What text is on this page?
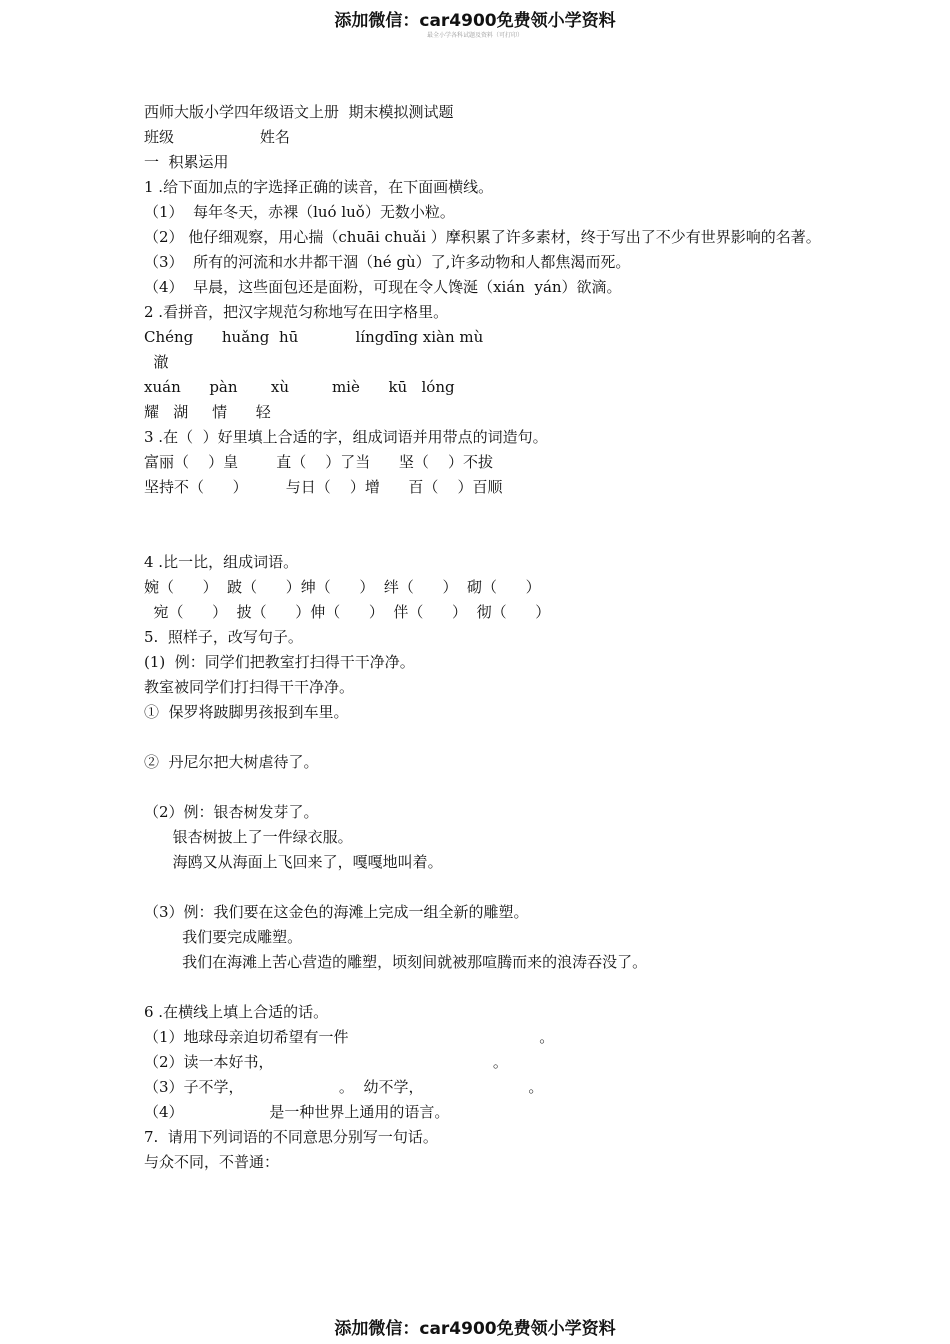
添加微信：car4900免费领小学资料
最全小学各科试题及资料（可打印）
西师大版小学四年级语文上册  期末模拟测试题
班级                  姓名
一  积累运用
1 .给下面加点的字选择正确的读音，在下面画横线。
（1）  每年冬天，赤裸（luó luǒ）无数小粒。
（2） 他仔细观察，用心揣（chuāi chuǎi ）摩积累了许多素材，终于写出了不少有世界影响的名著。
（3）  所有的河流和水井都干涸（hé gù）了,许多动物和人都焦渴而死。
（4）  早晨，这些面包还是面粉，可现在令人馋涎（xián  yán）欲滴。
2 .看拼音，把汉字规范匀称地写在田字格里。
Chéng      huǎng  hū            língdīng xiàn mù
澈
xuán      pàn       xù         miè      kū   lóng
耀   湖     情      轻
3 .在（  ）好里填上合适的字，组成词语并用带点的词造句。
富丽（    ）皇        直（    ）了当      坚（    ）不拔
坚持不（      ）        与日（    ）增      百（    ）百顺
4 .比一比，组成词语。
婉（      ）  跛（      ）绅（      ）  绊（      ）  砌（      ）
宛（      ）  披（      ）伸（      ）  伴（      ）  彻（      ）
5.  照样子，改写句子。
(1)  例：同学们把教室打扫得干干净净。
教室被同学们打扫得干干净净。
①  保罗将跛脚男孩报到车里。
②  丹尼尔把大树虐待了。
（2）例：银杏树发芽了。
银杏树披上了一件绿衣服。
海鸥又从海面上飞回来了，嘎嘎地叫着。
（3）例：我们要在这金色的海滩上完成一组全新的雕塑。
我们要完成雕塑。
我们在海滩上苦心营造的雕塑，顷刻间就被那喧腾而来的浪涛吞没了。
6 .在横线上填上合适的话。
（1）地球母亲迫切希望有一件                                        。
（2）读一本好书，                                              。
（3）子不学，                    。  幼不学，                      。
（4）                  是一种世界上通用的语言。
7.  请用下列词语的不同意思分别写一句话。
与众不同，不普通：
添加微信：car4900免费领小学资料
